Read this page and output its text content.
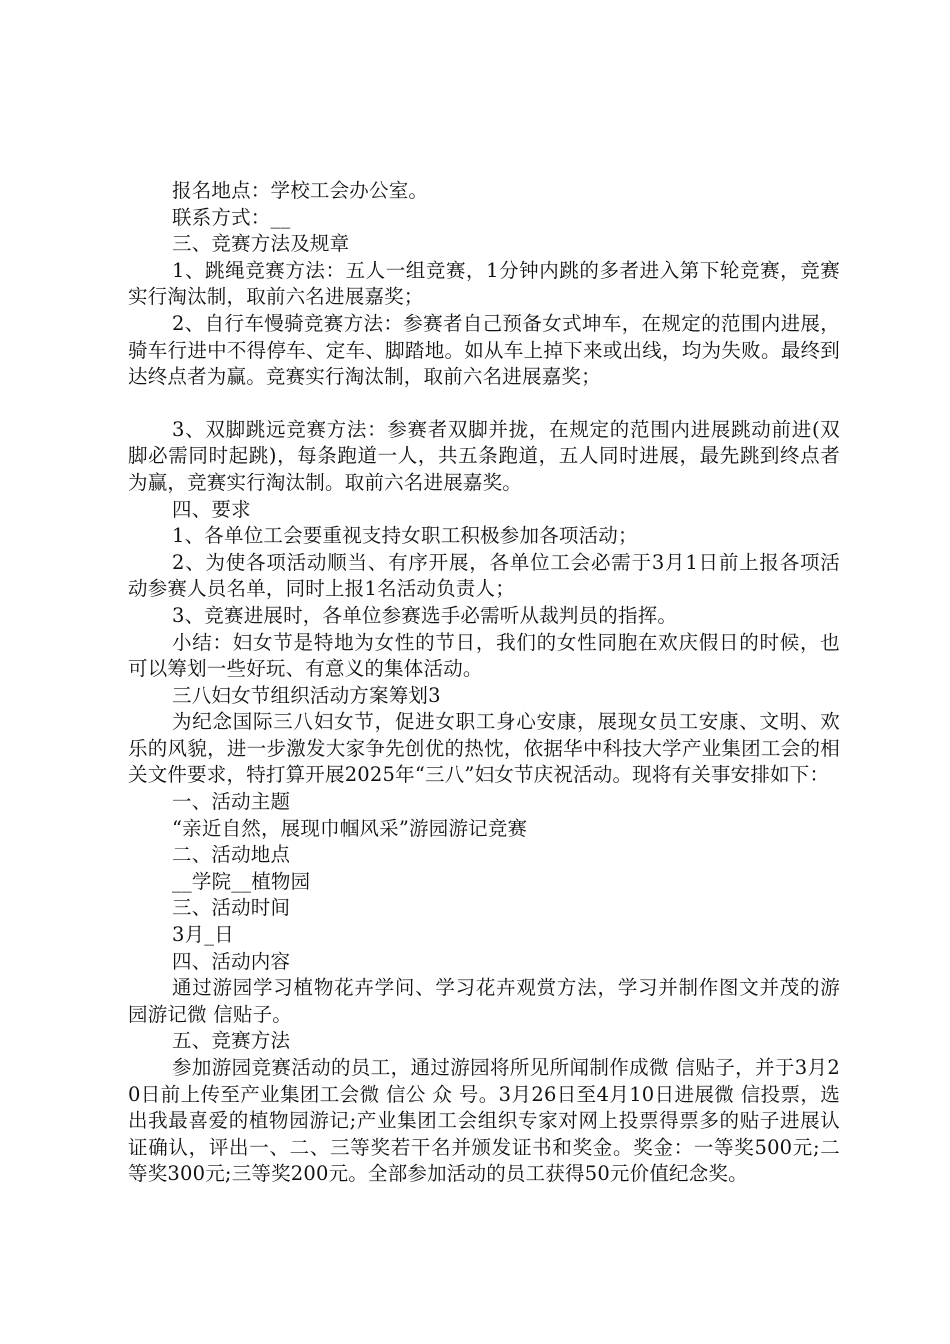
报名地点：学校工会办公室。

联系方式：__

三、竞赛方法及规章

1、跳绳竞赛方法：五人一组竞赛，1分钟内跳的多者进入第下轮竞赛，竞赛实行淘汰制，取前六名进展嘉奖；

2、自行车慢骑竞赛方法：参赛者自己预备女式坤车，在规定的范围内进展，骑车行进中不得停车、定车、脚踏地。如从车上掉下来或出线，均为失败。最终到达终点者为赢。竞赛实行淘汰制，取前六名进展嘉奖；

3、双脚跳远竞赛方法：参赛者双脚并拢，在规定的范围内进展跳动前进(双脚必需同时起跳)，每条跑道一人，共五条跑道，五人同时进展，最先跳到终点者为赢，竞赛实行淘汰制。取前六名进展嘉奖。

四、要求

1、各单位工会要重视支持女职工积极参加各项活动；

2、为使各项活动顺当、有序开展，各单位工会必需于3月1日前上报各项活动参赛人员名单，同时上报1名活动负责人；

3、竞赛进展时，各单位参赛选手必需听从裁判员的指挥。

小结：妇女节是特地为女性的节日，我们的女性同胞在欢庆假日的时候，也可以筹划一些好玩、有意义的集体活动。

三八妇女节组织活动方案筹划3

为纪念国际三八妇女节，促进女职工身心安康，展现女员工安康、文明、欢乐的风貌，进一步激发大家争先创优的热忱，依据华中科技大学产业集团工会的相关文件要求，特打算开展2025年“三八”妇女节庆祝活动。现将有关事安排如下：

一、活动主题

“亲近自然，展现巾帼风采”游园游记竞赛

二、活动地点

__学院__植物园

三、活动时间

3月_日

四、活动内容

通过游园学习植物花卉学问、学习花卉观赏方法，学习并制作图文并茂的游园游记微 信贴子。

五、竞赛方法

参加游园竞赛活动的员工，通过游园将所见所闻制作成微 信贴子，并于3月20日前上传至产业集团工会微 信公 众 号。3月26日至4月10日进展微 信投票，选出我最喜爱的植物园游记;产业集团工会组织专家对网上投票得票多的贴子进展认证确认，评出一、二、三等奖若干名并颁发证书和奖金。奖金：一等奖500元;二等奖300元;三等奖200元。全部参加活动的员工获得50元价值纪念奖。
